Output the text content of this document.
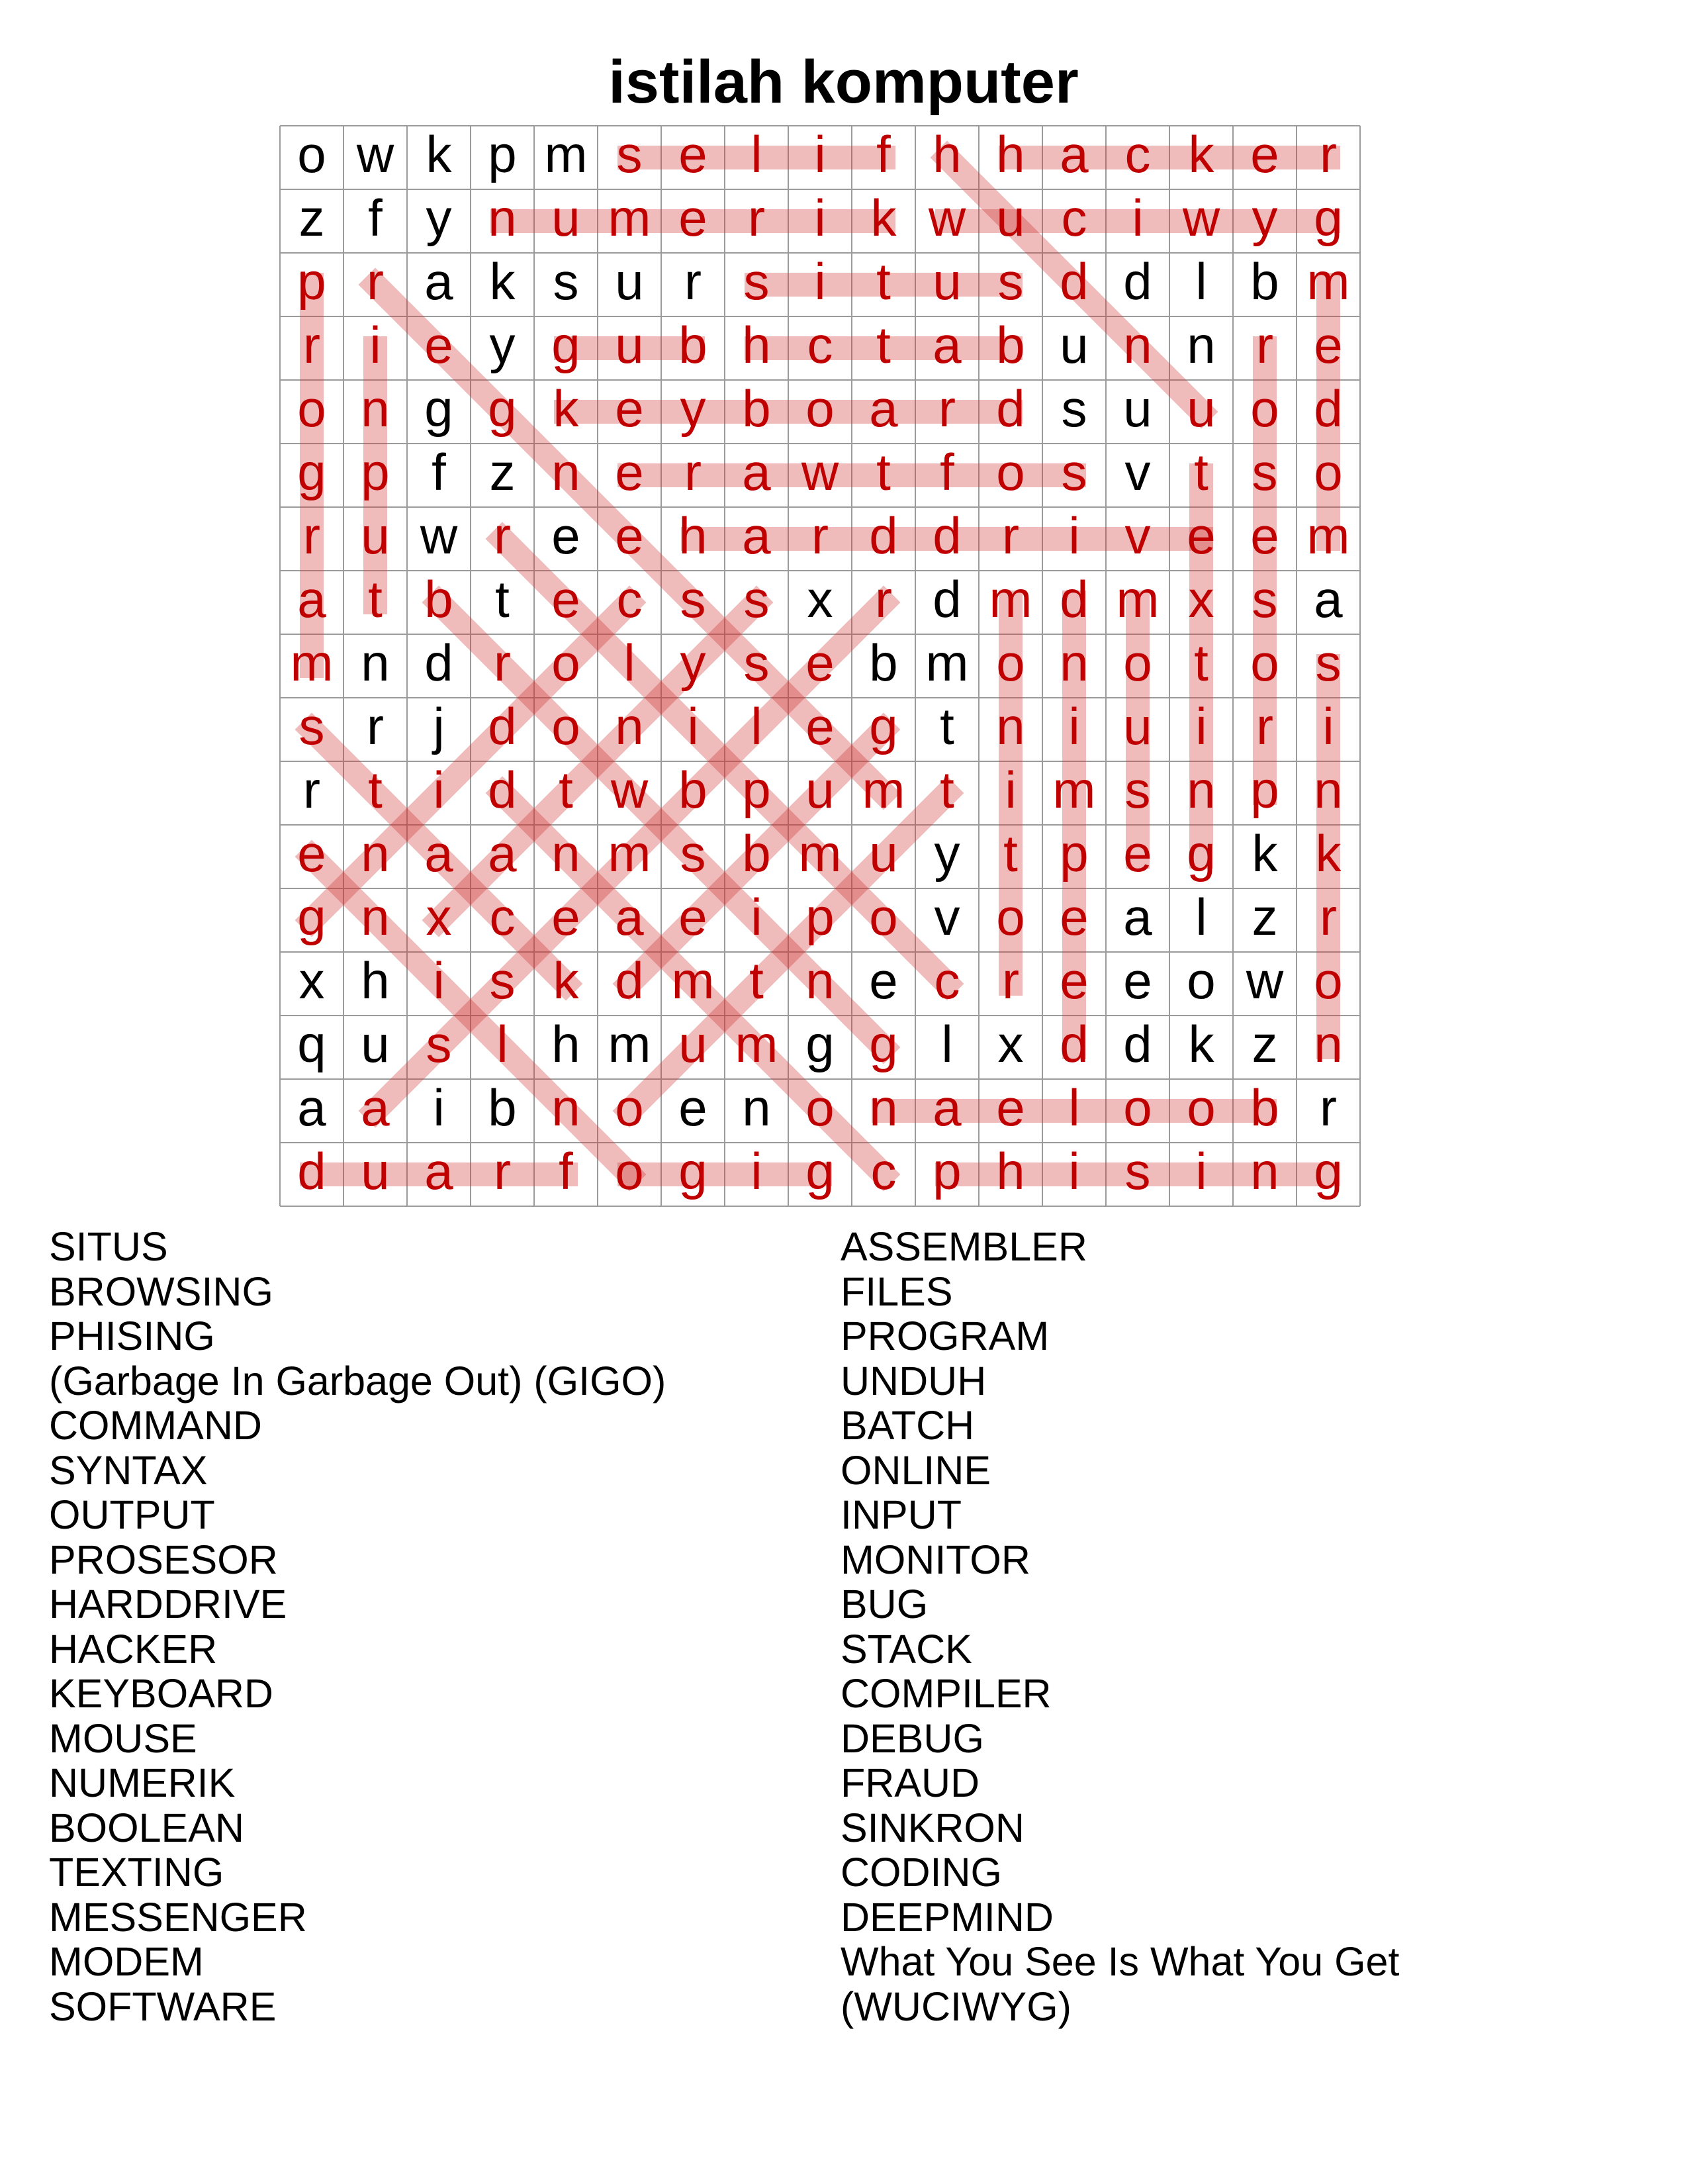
istilah komputer
o w k p m s e l i f h h a c k e r
z f y n u m e r i k w u c i w y g
p r a k s u r s i t u s d d l b m
r i e y g u b h c t a b u n n r e
o n g g k e y b o a r d s u u o d
g p f z n e r a w t f o s v t s o
r u w r e e h a r d d r i v e e m
a t b t e c s s x r d m d m x s a
m n d r o l y s e b m o n o t o s
s r j d o n i l e g t n i u i r i
r t i d t w b p u m t i m s n p n
e n a a n m s b m u y t p e g k k
g n x c e a e i p o v o e a l z r
x h i s k d m t n e c r e e o w o
q u s l h m u m g g l x d d k z n
a a i b n o e n o n a e l o o b r
d u a r f o g i g c p h i s i n g
SITUS
BROWSING
PHISING
(Garbage In Garbage Out) (GIGO)
COMMAND
SYNTAX
OUTPUT
PROSESOR
HARDDRIVE
HACKER
KEYBOARD
MOUSE
NUMERIK
BOOLEAN
TEXTING
MESSENGER
MODEM
SOFTWARE
ASSEMBLER
FILES
PROGRAM
UNDUH
BATCH
ONLINE
INPUT
MONITOR
BUG
STACK
COMPILER
DEBUG
FRAUD
SINKRON
CODING
DEEPMIND
What You See Is What You Get
(WUCIWYG)
